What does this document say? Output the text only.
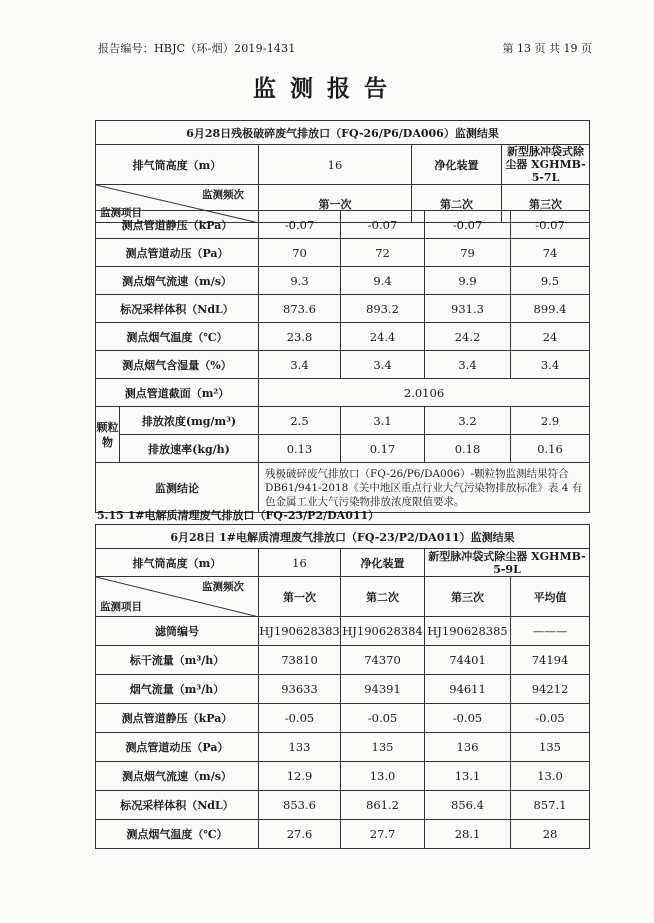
报告编号：HBJC（环-烟）2019-1431	第 13 页 共 19 页
监测报告
6月28日残极破碎废气排放口（FQ-26/P6/DA006）监测结果			
排气筒高度（m）	16	净化装置	新型脉冲袋式除尘器 XGHMB-5-7L

监测频次
监测项目	第一次	第二次	第三次
测点管道静压（kPa）		-0.07	-0.07	-0.07	-0.07
测点管道动压（Pa）		70	72	79	74
测点烟气流速（m/s）		9.3	9.4	9.9	9.5
标况采样体积（NdL）		873.6	893.2	931.3	899.4
测点烟气温度（℃）		23.8	24.4	24.2	24
测点烟气含湿量（%）		3.4	3.4	3.4	3.4
测点管道截面（m²）		2.0106			
颗粒物	排放浓度(mg/m³)	2.5	3.1	3.2	2.9
	排放速率(kg/h)	0.13	0.17	0.18	0.16
监测结论		残极破碎废气排放口（FQ-26/P6/DA006）-颗粒物监测结果符合 DB61/941-2018《关中地区重点行业大气污染物排放标准》表 4 有色金属工业大气污染物排放浓度限值要求。			
5.15 1#电解质清理废气排放口（FQ-23/P2/DA011）
6月28日 1#电解质清理废气排放口（FQ-23/P2/DA011）监测结果				
排气筒高度（m）	16	净化装置	新型脉冲袋式除尘器 XGHMB-5-9L	

监测频次
监测项目	第一次	第二次	第三次	平均值
滤筒编号	HJ190628383	HJ190628384	HJ190628385	———
标干流量（m³/h）	73810	74370	74401	74194
烟气流量（m³/h）	93633	94391	94611	94212
测点管道静压（kPa）	-0.05	-0.05	-0.05	-0.05
测点管道动压（Pa）	133	135	136	135
测点烟气流速（m/s）	12.9	13.0	13.1	13.0
标况采样体积（NdL）	853.6	861.2	856.4	857.1
测点烟气温度（℃）	27.6	27.7	28.1	28
